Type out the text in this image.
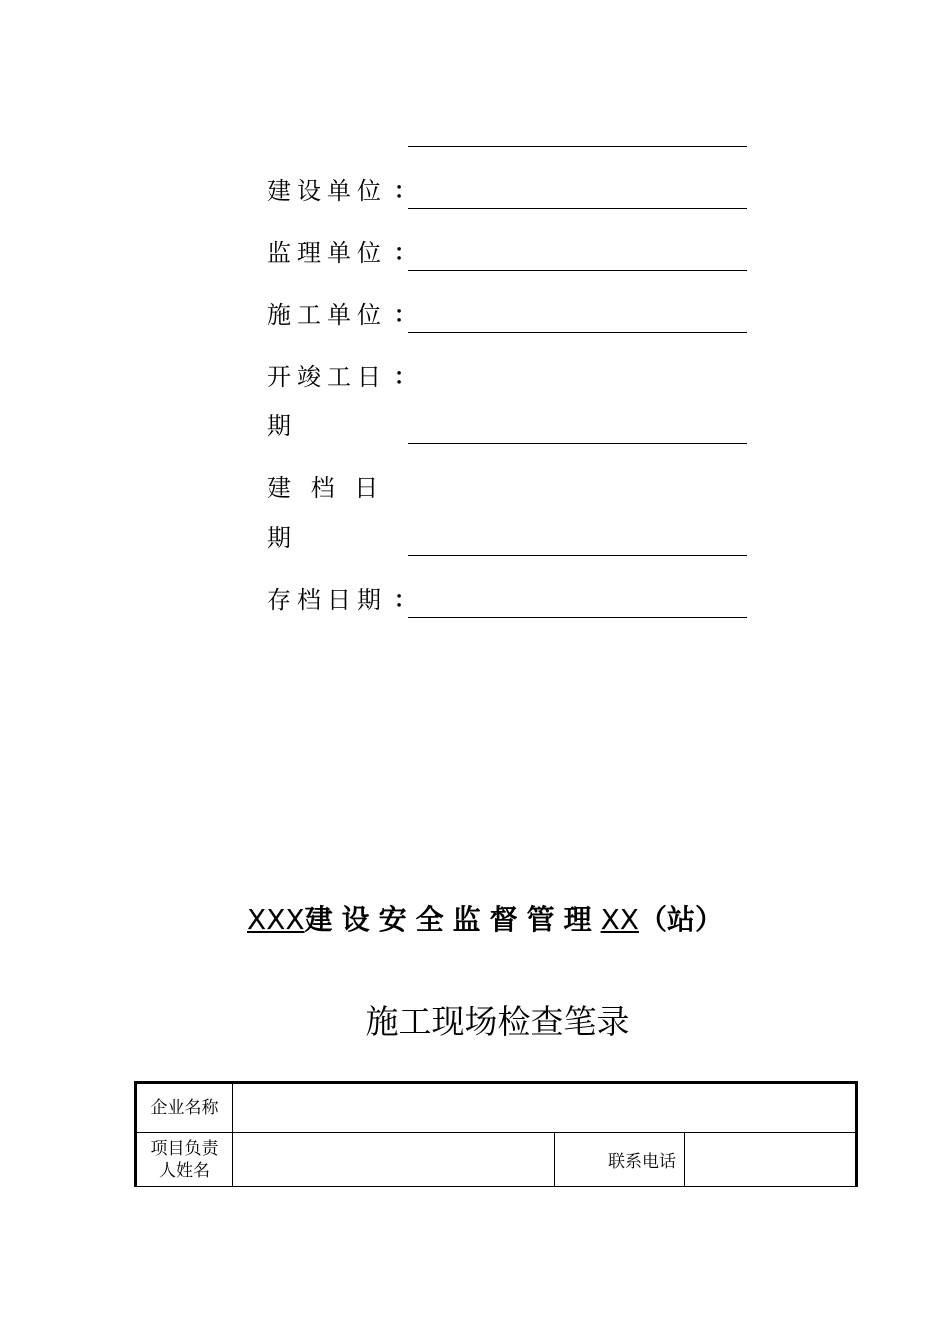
建设单位 ：
监理单位 ：
施工单位 ：
开竣工日 ：
期
建 档 日
期
存档日期 ：
XXX建设安全监督管理XX（站）
施工现场检查笔录
企业名称			
项目负责人姓名		联系电话	
